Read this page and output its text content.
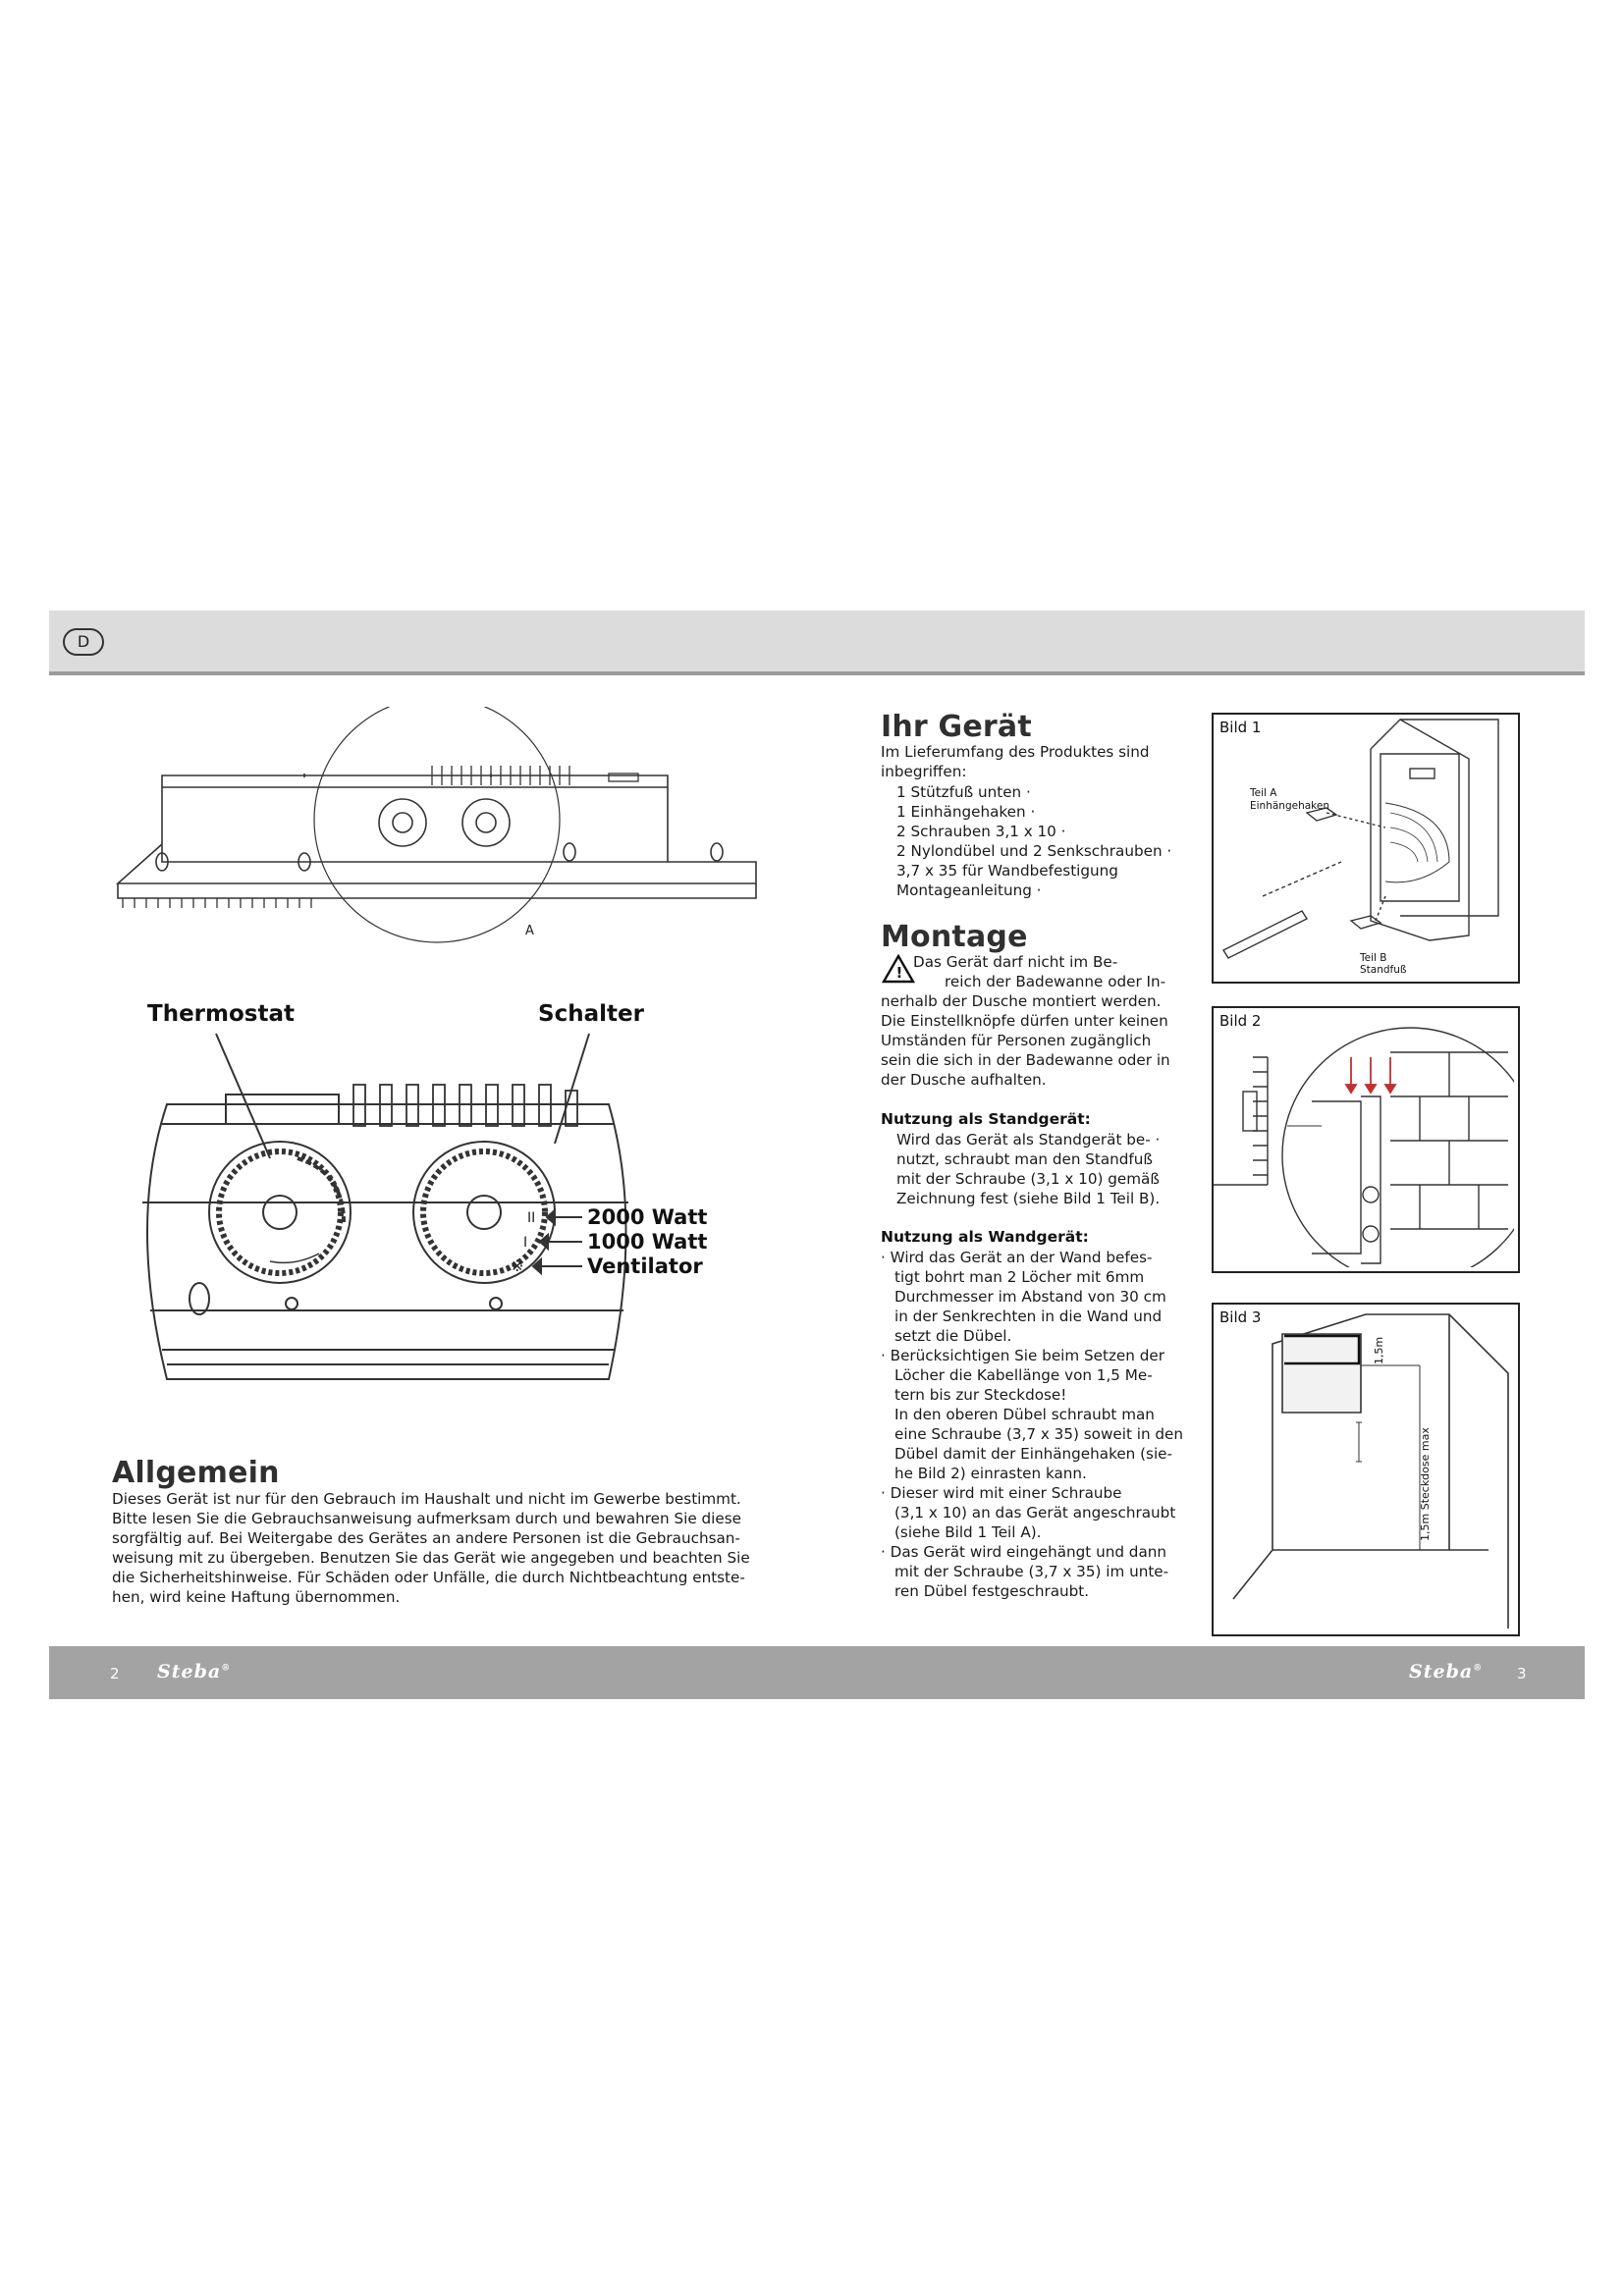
D
A
Thermostat	Schalter
II
I
※
2000 Watt
1000 Watt
Ventilator
Allgemein
Dieses Gerät ist nur für den Gebrauch im Haushalt und nicht im Gewerbe bestimmt.
Bitte lesen Sie die Gebrauchsanweisung aufmerksam durch und bewahren Sie diese
sorgfältig auf. Bei Weitergabe des Gerätes an andere Personen ist die Gebrauchsan-
weisung mit zu übergeben. Benutzen Sie das Gerät wie angegeben und beachten Sie
die Sicherheitshinweise. Für Schäden oder Unfälle, die durch Nichtbeachtung entste-
hen, wird keine Haftung übernommen.
Ihr Gerät
Im Lieferumfang des Produktes sind
inbegriffen:
1 Stützfuß unten ·
1 Einhängehaken ·
2 Schrauben 3,1 x 10 ·
2 Nylondübel und 2 Senkschrauben ·
3,7 x 35 für Wandbefestigung
Montageanleitung ·
Montage
!
Das Gerät darf nicht im Be-
reich der Badewanne oder In-
nerhalb der Dusche montiert werden.
Die Einstellknöpfe dürfen unter keinen
Umständen für Personen zugänglich
sein die sich in der Badewanne oder in
der Dusche aufhalten.
Nutzung als Standgerät:
Wird das Gerät als Standgerät be- ·
nutzt, schraubt man den Standfuß
mit der Schraube (3,1 x 10) gemäß
Zeichnung fest (siehe Bild 1 Teil B).
Nutzung als Wandgerät:
· Wird das Gerät an der Wand befes-
tigt bohrt man 2 Löcher mit 6mm
Durchmesser im Abstand von 30 cm
in der Senkrechten in die Wand und
setzt die Dübel.
· Berücksichtigen Sie beim Setzen der
Löcher die Kabellänge von 1,5 Me-
tern bis zur Steckdose!
In den oberen Dübel schraubt man
eine Schraube (3,7 x 35) soweit in den
Dübel damit der Einhängehaken (sie-
he Bild 2) einrasten kann.
· Dieser wird mit einer Schraube
(3,1 x 10) an das Gerät angeschraubt
(siehe Bild 1 Teil A).
· Das Gerät wird eingehängt und dann
mit der Schraube (3,7 x 35) im unte-
ren Dübel festgeschraubt.
Bild 1
Teil A
Einhängehaken
Teil B
Standfuß
Bild 2
Bild 3
1,5m
1,5m Steckdose max
2 Steba®	Steba® 3
